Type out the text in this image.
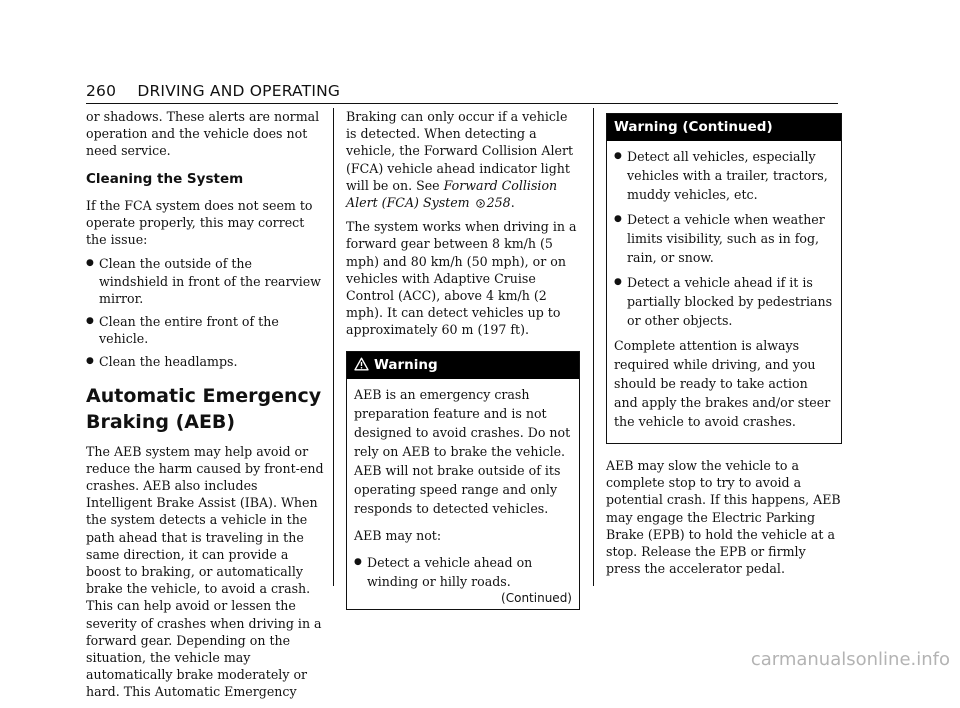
260 DRIVING AND OPERATING

or shadows. These alerts are normal operation and the vehicle does not need service.

Cleaning the System

If the FCA system does not seem to operate properly, this may correct the issue:

● Clean the outside of the windshield in front of the rearview mirror.
● Clean the entire front of the vehicle.
● Clean the headlamps.
Automatic Emergency
Braking (AEB)

The AEB system may help avoid or reduce the harm caused by front-end crashes. AEB also includes Intelligent Brake Assist (IBA). When the system detects a vehicle in the path ahead that is traveling in the same direction, it can provide a boost to braking, or automatically brake the vehicle, to avoid a crash. This can help avoid or lessen the severity of crashes when driving in a forward gear. Depending on the situation, the vehicle may automatically brake moderately or hard. This Automatic Emergency

Braking can only occur if a vehicle is detected. When detecting a vehicle, the Forward Collision Alert (FCA) vehicle ahead indicator light will be on. See Forward Collision Alert (FCA) System 258.

The system works when driving in a forward gear between 8 km/h (5 mph) and 80 km/h (50 mph), or on vehicles with Adaptive Cruise Control (ACC), above 4 km/h (2 mph). It can detect vehicles up to approximately 60 m (197 ft).

Warning

AEB is an emergency crash preparation feature and is not designed to avoid crashes. Do not rely on AEB to brake the vehicle. AEB will not brake outside of its operating speed range and only responds to detected vehicles.

AEB may not:

● Detect a vehicle ahead on winding or hilly roads.
(Continued)
Warning (Continued)
● Detect all vehicles, especially vehicles with a trailer, tractors, muddy vehicles, etc.
● Detect a vehicle when weather limits visibility, such as in fog, rain, or snow.
● Detect a vehicle ahead if it is partially blocked by pedestrians or other objects.

Complete attention is always required while driving, and you should be ready to take action and apply the brakes and/or steer the vehicle to avoid crashes.

AEB may slow the vehicle to a complete stop to try to avoid a potential crash. If this happens, AEB may engage the Electric Parking Brake (EPB) to hold the vehicle at a stop. Release the EPB or firmly press the accelerator pedal.

carmanualsonline.info
